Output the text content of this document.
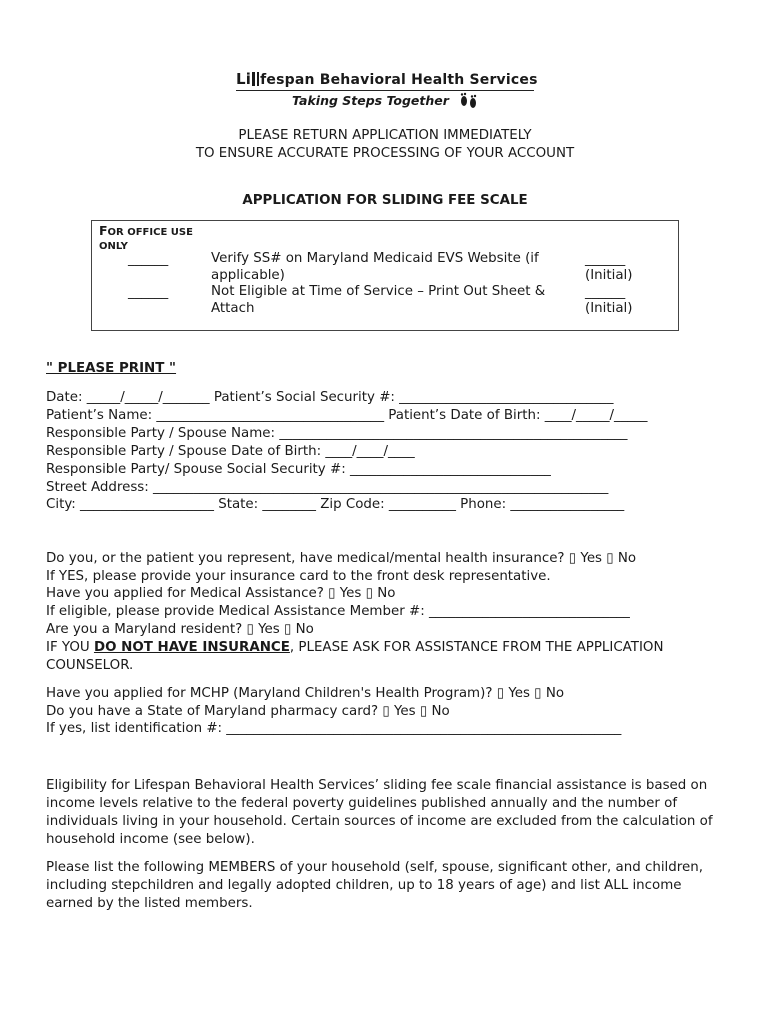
Li fespan Behavioral Health Services
Taking Steps Together
PLEASE RETURN APPLICATION IMMEDIATELY
TO ENSURE ACCURATE PROCESSING OF YOUR ACCOUNT
APPLICATION FOR SLIDING FEE SCALE
FOR OFFICE USE
ONLY
______	Verify SS# on Maryland Medicaid EVS Website (if
applicable)
______
(Initial)
______	Not Eligible at Time of Service – Print Out Sheet &
Attach
______
(Initial)
" PLEASE PRINT "
Date: _____/_____/_______ Patient’s Social Security #: ________________________________
Patient’s Name: __________________________________ Patient’s Date of Birth: ____/_____/_____
Responsible Party / Spouse Name: ____________________________________________________
Responsible Party / Spouse Date of Birth: ____/____/____
Responsible Party/ Spouse Social Security #: ______________________________
Street Address: ____________________________________________________________________
City: ____________________ State: ________ Zip Code: __________ Phone: _________________
Do you, or the patient you represent, have medical/mental health insurance? ▯ Yes ▯ No
If YES, please provide your insurance card to the front desk representative.
Have you applied for Medical Assistance? ▯ Yes ▯ No
If eligible, please provide Medical Assistance Member #: ______________________________
Are you a Maryland resident? ▯ Yes ▯ No
IF YOU DO NOT HAVE INSURANCE, PLEASE ASK FOR ASSISTANCE FROM THE APPLICATION
COUNSELOR.
Have you applied for MCHP (Maryland Children's Health Program)? ▯ Yes ▯ No
Do you have a State of Maryland pharmacy card? ▯ Yes ▯ No
If yes, list identification #: ___________________________________________________________
Eligibility for Lifespan Behavioral Health Services’ sliding fee scale financial assistance is based on income levels relative to the federal poverty guidelines published annually and the number of individuals living in your household. Certain sources of income are excluded from the calculation of household income (see below).
Please list the following MEMBERS of your household (self, spouse, significant other, and children, including stepchildren and legally adopted children, up to 18 years of age) and list ALL income earned by the listed members.
